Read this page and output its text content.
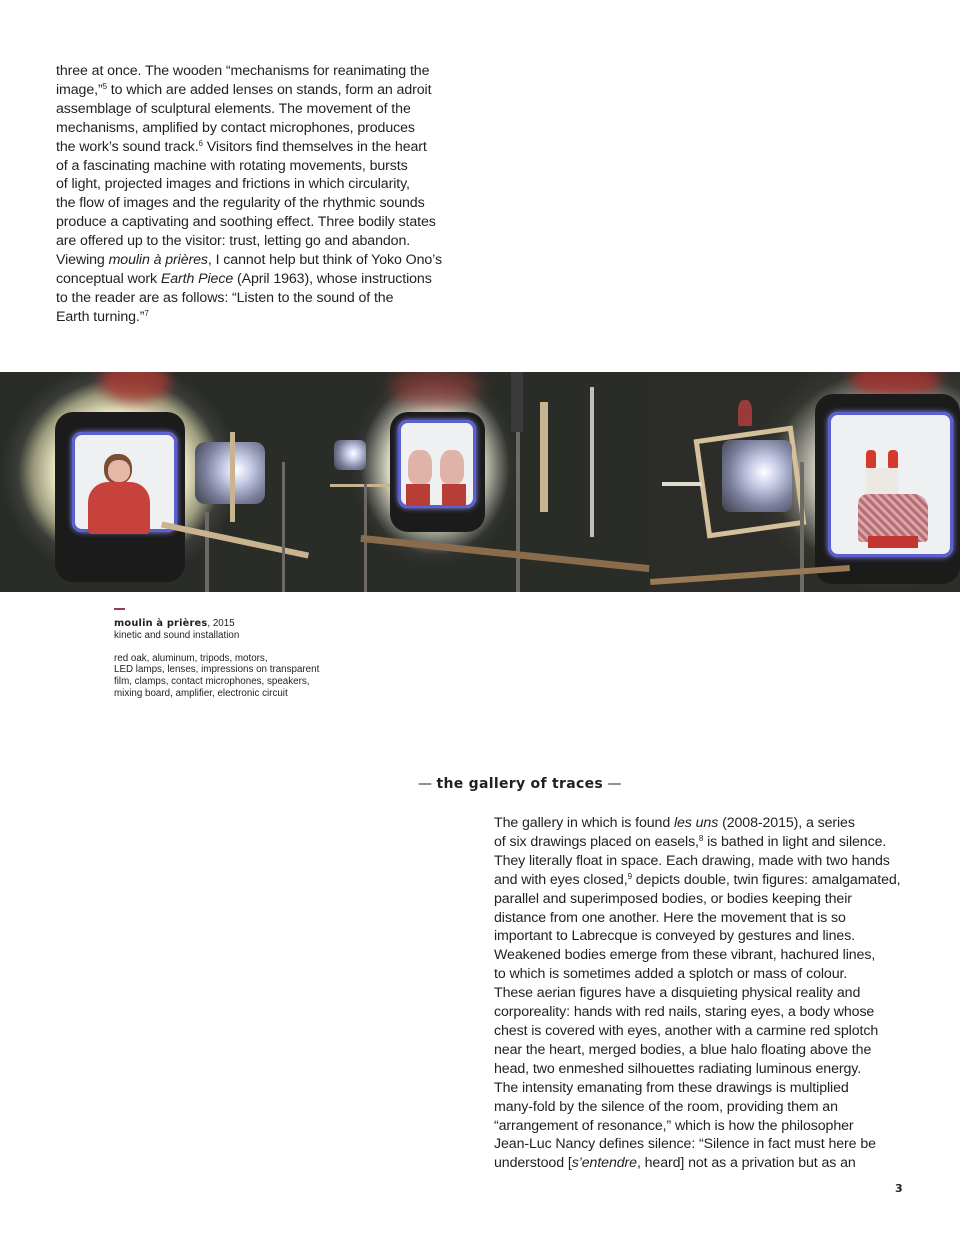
three at once. The wooden “mechanisms for reanimating the
image,”$^5$ to which are added lenses on stands, form an adroit
assemblage of sculptural elements. The movement of the
mechanisms, amplified by contact microphones, produces
the work’s sound track.$^6$ Visitors find themselves in the heart
of a fascinating machine with rotating movements, bursts
of light, projected images and frictions in which circularity,
the flow of images and the regularity of the rhythmic sounds
produce a captivating and soothing effect. Three bodily states
are offered up to the visitor: trust, letting go and abandon.
Viewing moulin à prières, I cannot help but think of Yoko Ono’s
conceptual work Earth Piece (April 1963), whose instructions
to the reader are as follows: “Listen to the sound of the
Earth turning.”$^7$
moulin à prières, 2015
kinetic and sound installation
red oak, aluminum, tripods, motors,
LED lamps, lenses, impressions on transparent
film, clamps, contact microphones, speakers,
mixing board, amplifier, electronic circuit
— the gallery of traces —
The gallery in which is found les uns (2008-2015), a series
of six drawings placed on easels,$^8$ is bathed in light and silence.
They literally float in space. Each drawing, made with two hands
and with eyes closed,$^9$ depicts double, twin figures: amalgamated,
parallel and superimposed bodies, or bodies keeping their
distance from one another. Here the movement that is so
important to Labrecque is conveyed by gestures and lines.
Weakened bodies emerge from these vibrant, hachured lines,
to which is sometimes added a splotch or mass of colour.
These aerian figures have a disquieting physical reality and
corporeality: hands with red nails, staring eyes, a body whose
chest is covered with eyes, another with a carmine red splotch
near the heart, merged bodies, a blue halo floating above the
head, two enmeshed silhouettes radiating luminous energy.
The intensity emanating from these drawings is multiplied
many-fold by the silence of the room, providing them an
“arrangement of resonance,” which is how the philosopher
Jean-Luc Nancy defines silence: “Silence in fact must here be
understood [s’entendre, heard] not as a privation but as an
3
